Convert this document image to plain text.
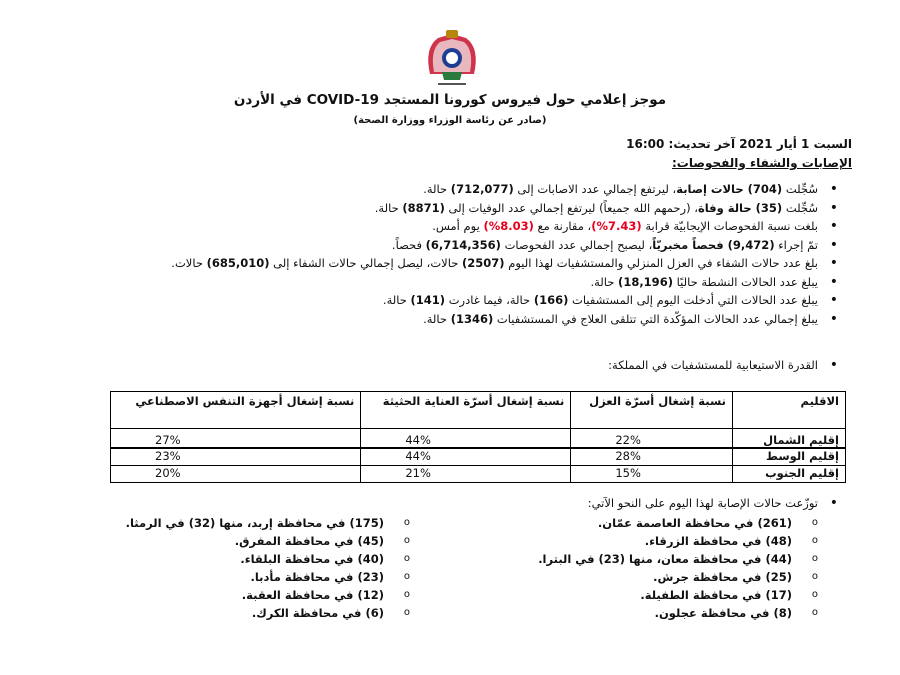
موجز إعلامي حول فيروس كورونا المستجد COVID-19 في الأردن
(صادر عن رئاسة الوزراء ووزارة الصحة)
السبت 1 أيار 2021 آخر تحديث: 16:00
الإصابات والشفاء والفحوصات:
• سُجِّلت (704) حالات إصابة، ليرتفع إجمالي عدد الاصابات إلى (712,077) حالة.
• سُجِّلت (35) حالة وفاة، (رحمهم الله جميعاً) ليرتفع إجمالي عدد الوفيات إلى (8871) حالة.
• بلغت نسبة الفحوصات الإيجابيّة قرابة (7.43%)، مقارنة مع (8.03%) يوم أمس.
• تمّ إجراء (9,472) فحصاً مخبريّاً، ليصبح إجمالي عدد الفحوصات (6,714,356) فحصاً.
• بلغ عدد حالات الشفاء في العزل المنزلي والمستشفيات لهذا اليوم (2507) حالات، ليصل إجمالي حالات الشفاء إلى (685,010) حالات.
• يبلغ عدد الحالات النشطة حاليًا (18,196) حالة.
• يبلغ عدد الحالات التي أدخلت اليوم إلى المستشفيات (166) حالة، فيما غادرت (141) حالة.
• يبلغ إجمالي عدد الحالات المؤكّدة التي تتلقى العلاج في المستشفيات (1346) حالة.
• القدرة الاستيعابية للمستشفيات في المملكة:
الاقليم	نسبة إشغال أسرّة العزل	نسبة إشغال أسرّة العناية الحثيثة	نسبة إشغال أجهزة التنفس الاصطناعي
إقليم الشمال	22%	44%	27%
إقليم الوسط	28%	44%	23%
إقليم الجنوب	15%	21%	20%
• توزّعت حالات الإصابة لهذا اليوم على النحو الآتي:
o (261) في محافظة العاصمة عمّان.
o (48) في محافظة الزرقاء.
o (44) في محافظة معان، منها (23) في البترا.
o (25) في محافظة جرش.
o (17) في محافظة الطفيلة.
o (8) في محافظة عجلون.
o (175) في محافظة إربد، منها (32) في الرمثا.
o (45) في محافظة المفرق.
o (40) في محافظة البلقاء.
o (23) في محافظة مأدبا.
o (12) في محافظة العقبة.
o (6) في محافظة الكرك.
